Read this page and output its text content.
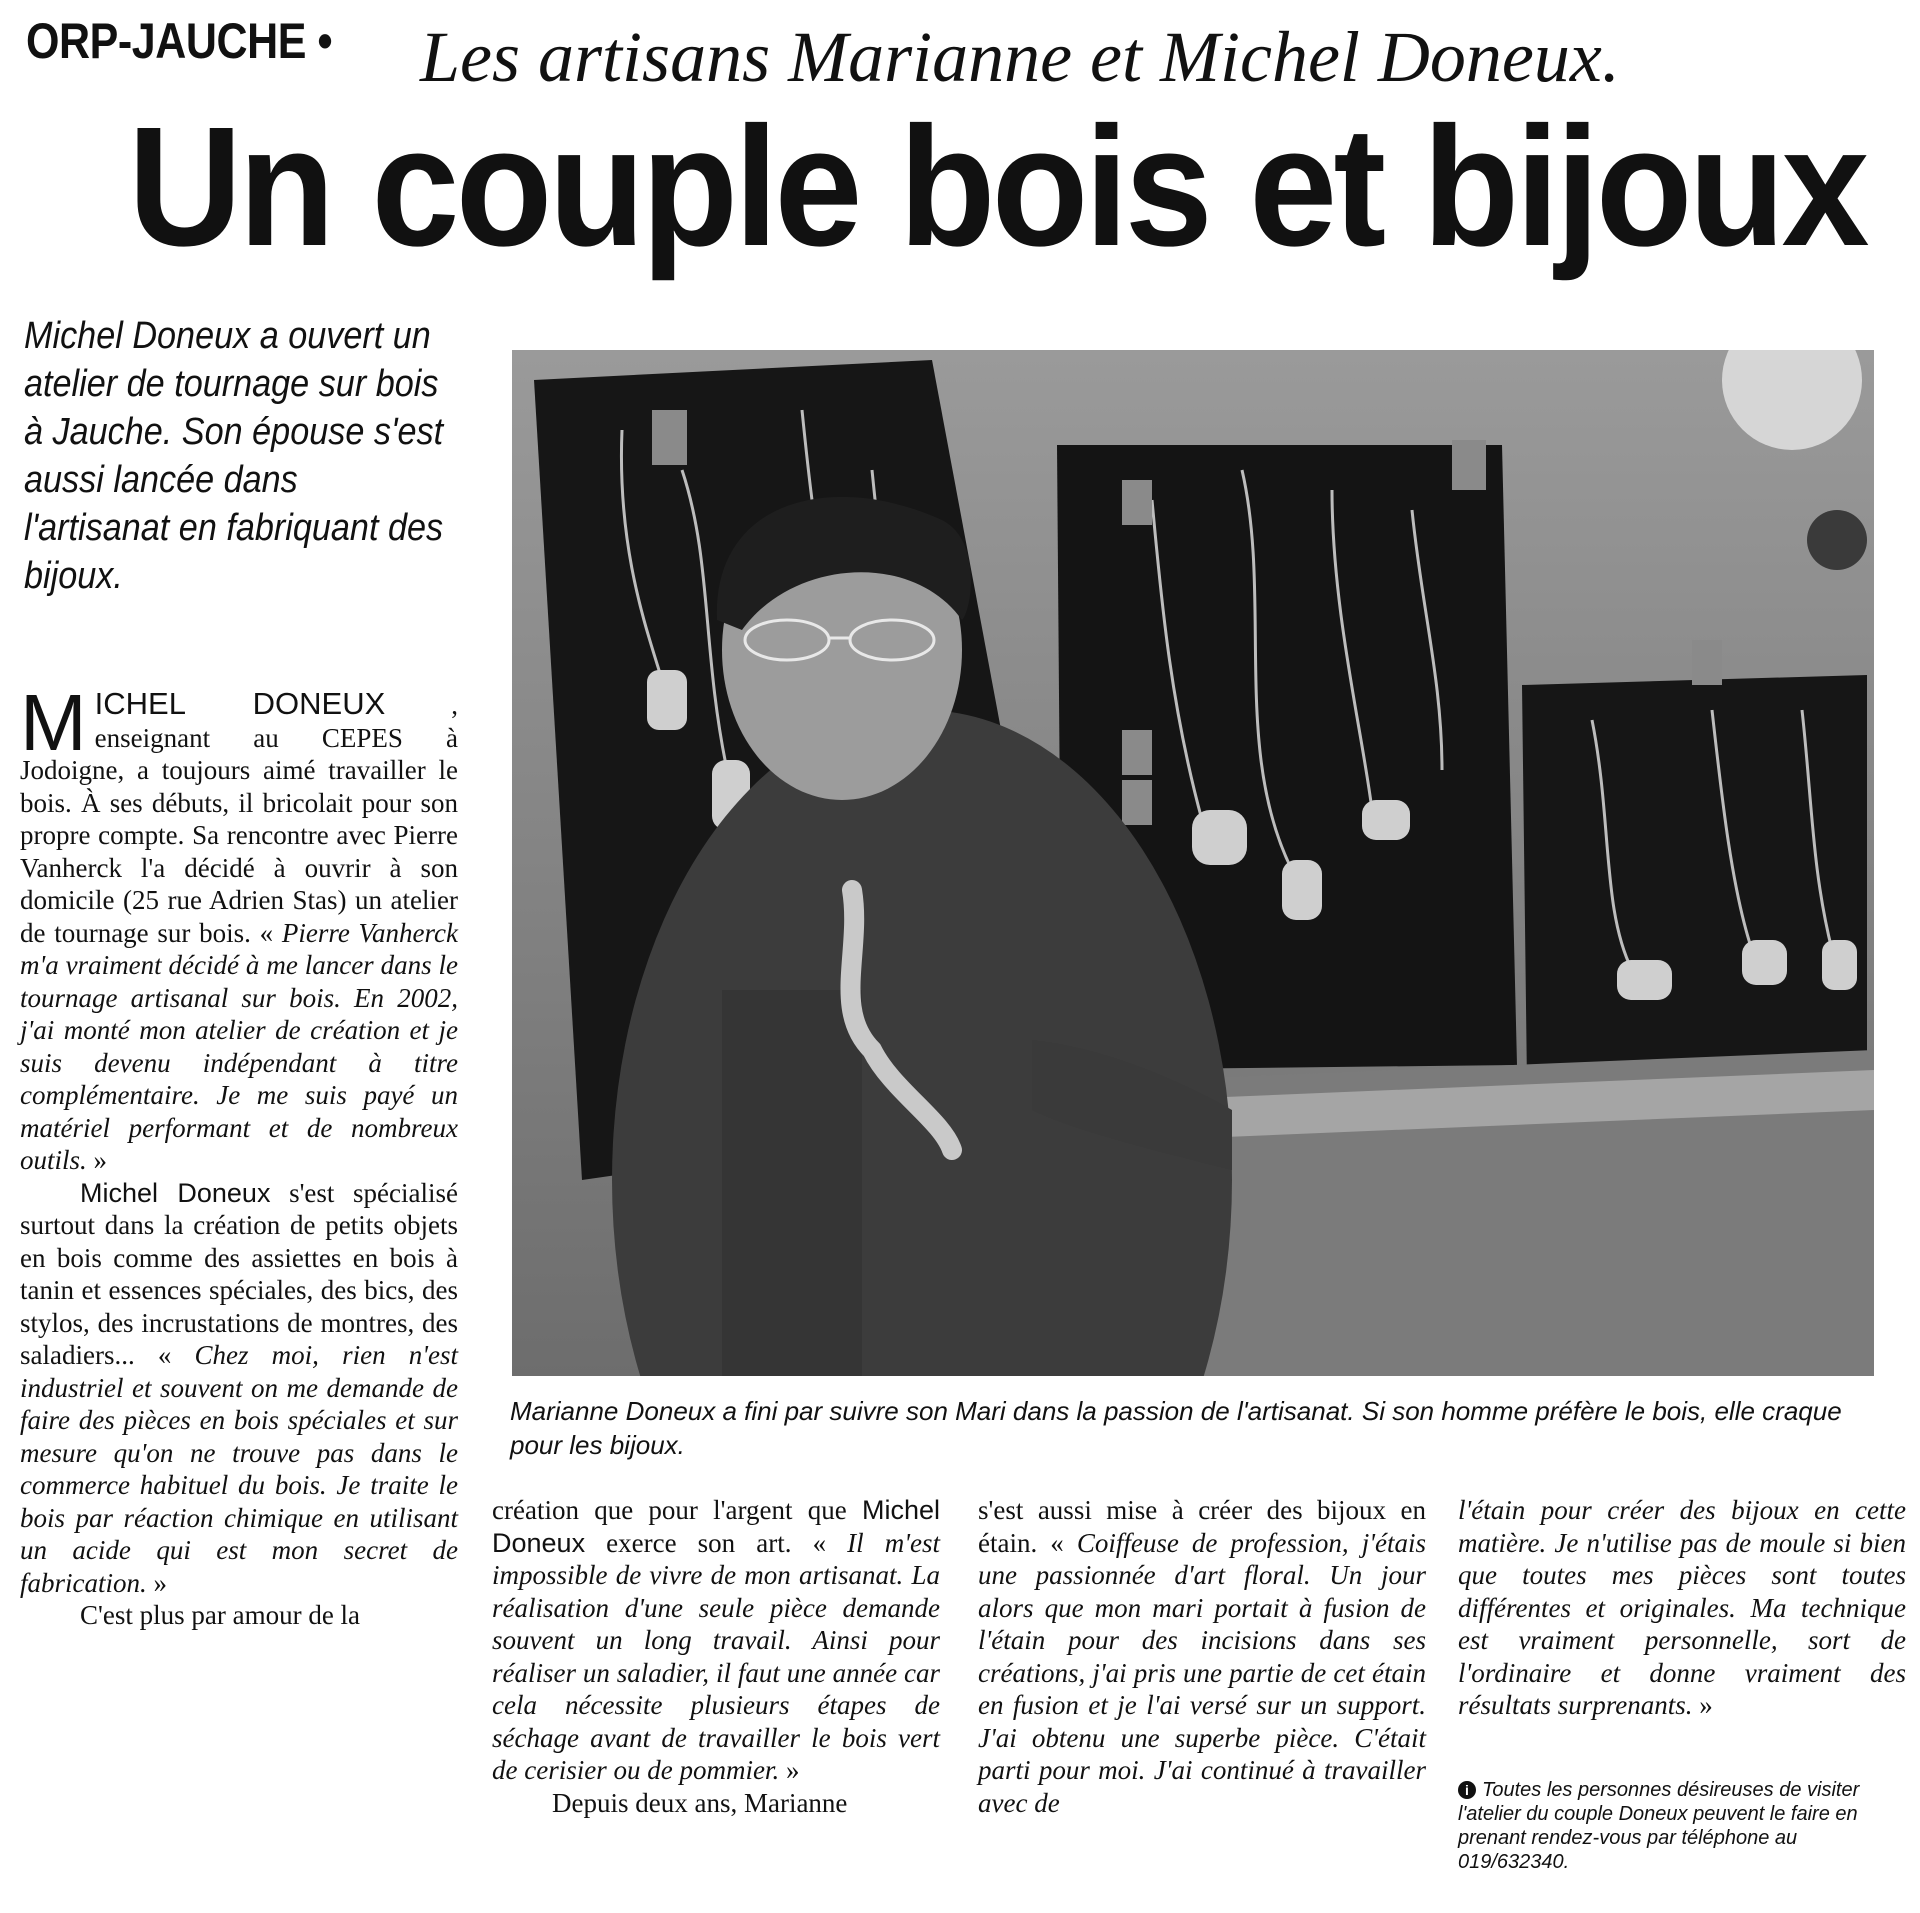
ORP-JAUCHE • Les artisans Marianne et Michel Doneux.
Un couple bois et bijoux
Michel Doneux a ouvert un atelier de tournage sur bois à Jauche. Son épouse s'est aussi lancée dans l'artisanat en fabriquant des bijoux.
Marianne Doneux a fini par suivre son Mari dans la passion de l'artisanat. Si son homme préfère le bois, elle craque pour les bijoux.

MICHEL DONEUX , enseignant au CEPES à Jodoigne, a toujours aimé travailler le bois. À ses débuts, il bricolait pour son propre compte. Sa rencontre avec Pierre Vanherck l'a décidé à ouvrir à son domicile (25 rue Adrien Stas) un atelier de tournage sur bois. « Pierre Vanherck m'a vraiment décidé à me lancer dans le tournage artisanal sur bois. En 2002, j'ai monté mon atelier de création et je suis devenu indépendant à titre complémentaire. Je me suis payé un matériel performant et de nombreux outils. »

Michel Doneux s'est spécialisé surtout dans la création de petits objets en bois comme des assiettes en bois à tanin et essences spéciales, des bics, des stylos, des incrustations de montres, des saladiers... « Chez moi, rien n'est industriel et souvent on me demande de faire des pièces en bois spéciales et sur mesure qu'on ne trouve pas dans le commerce habituel du bois. Je traite le bois par réaction chimique en utilisant un acide qui est mon secret de fabrication. »

C'est plus par amour de la

création que pour l'argent que Michel Doneux exerce son art. « Il m'est impossible de vivre de mon artisanat. La réalisation d'une seule pièce demande souvent un long travail. Ainsi pour réaliser un saladier, il faut une année car cela nécessite plusieurs étapes de séchage avant de travailler le bois vert de cerisier ou de pommier. »

Depuis deux ans, Marianne

s'est aussi mise à créer des bijoux en étain. « Coiffeuse de profession, j'étais une passionnée d'art floral. Un jour alors que mon mari portait à fusion de l'étain pour des incisions dans ses créations, j'ai pris une partie de cet étain en fusion et je l'ai versé sur un support. J'ai obtenu une superbe pièce. C'était parti pour moi. J'ai continué à travailler avec de

l'étain pour créer des bijoux en cette matière. Je n'utilise pas de moule si bien que toutes mes pièces sont toutes différentes et originales. Ma technique est vraiment personnelle, sort de l'ordinaire et donne vraiment des résultats surprenants. »

i Toutes les personnes désireuses de visiter l'atelier du couple Doneux peuvent le faire en prenant rendez-vous par téléphone au 019/632340.
